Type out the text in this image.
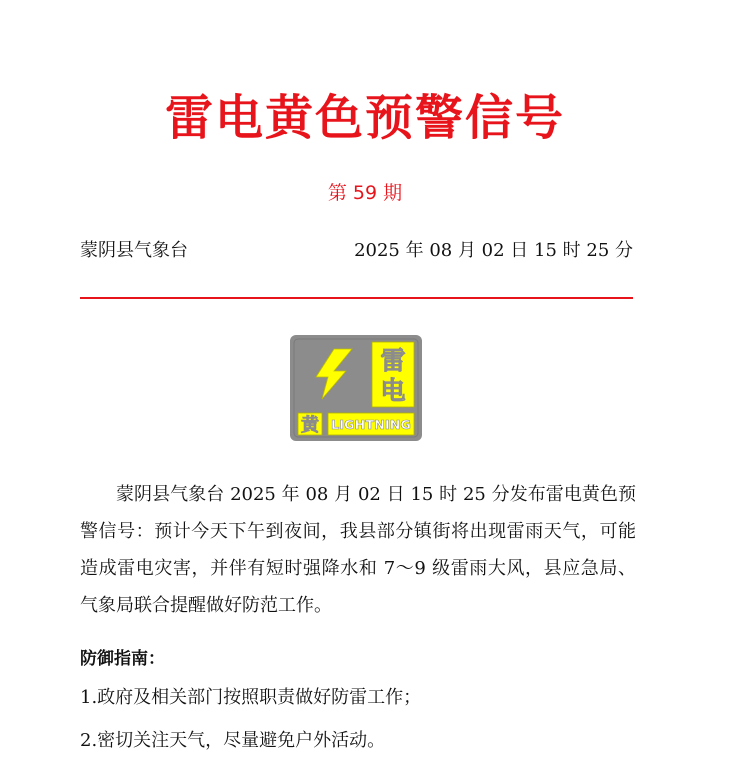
雷电黄色预警信号
第 59 期
蒙阴县气象台	2025 年 08 月 02 日 15 时 25 分
雷
电
黄 LIGHTNING
蒙阴县气象台 2025 年 08 月 02 日 15 时 25 分发布雷电黄色预警信号：预计今天下午到夜间，我县部分镇街将出现雷雨天气，可能造成雷电灾害，并伴有短时强降水和 7～9 级雷雨大风，县应急局、气象局联合提醒做好防范工作。
防御指南：
1.政府及相关部门按照职责做好防雷工作；
2.密切关注天气，尽量避免户外活动。
